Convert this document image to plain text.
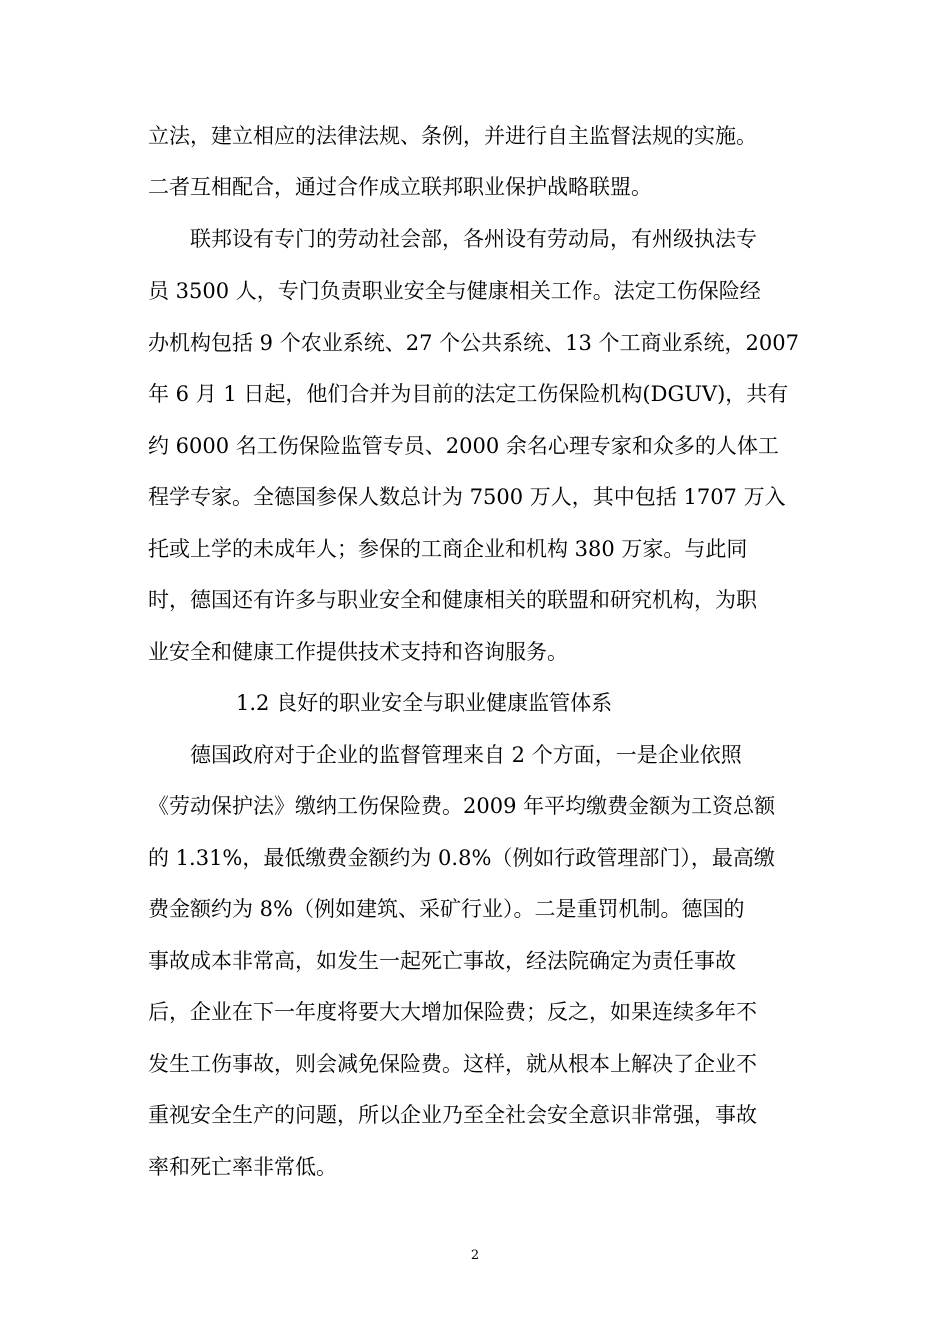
立法，建立相应的法律法规、条例，并进行自主监督法规的实施。
二者互相配合，通过合作成立联邦职业保护战略联盟。
联邦设有专门的劳动社会部，各州设有劳动局，有州级执法专
员 3500 人，专门负责职业安全与健康相关工作。法定工伤保险经
办机构包括 9 个农业系统、27 个公共系统、13 个工商业系统，2007
年 6 月 1 日起，他们合并为目前的法定工伤保险机构(DGUV)，共有
约 6000 名工伤保险监管专员、2000 余名心理专家和众多的人体工
程学专家。全德国参保人数总计为 7500 万人，其中包括 1707 万入
托或上学的未成年人；参保的工商企业和机构 380 万家。与此同
时，德国还有许多与职业安全和健康相关的联盟和研究机构，为职
业安全和健康工作提供技术支持和咨询服务。
1.2 良好的职业安全与职业健康监管体系
德国政府对于企业的监督管理来自 2 个方面，一是企业依照
《劳动保护法》缴纳工伤保险费。2009 年平均缴费金额为工资总额
的 1.31%，最低缴费金额约为 0.8%（例如行政管理部门），最高缴
费金额约为 8%（例如建筑、采矿行业）。二是重罚机制。德国的
事故成本非常高，如发生一起死亡事故，经法院确定为责任事故
后，企业在下一年度将要大大增加保险费；反之，如果连续多年不
发生工伤事故，则会减免保险费。这样，就从根本上解决了企业不
重视安全生产的问题，所以企业乃至全社会安全意识非常强，事故
率和死亡率非常低。
2
